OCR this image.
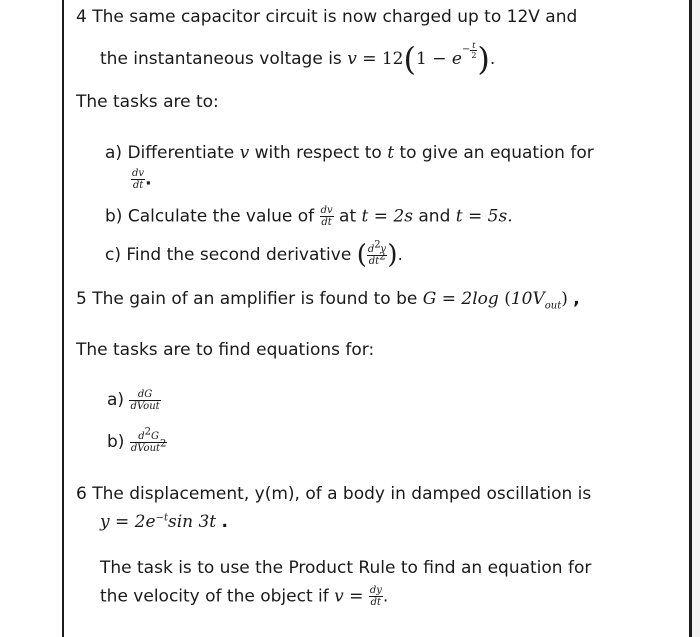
4 The same capacitor circuit is now charged up to 12V and
the instantaneous voltage is $v = 12(1 - e- \frac{t}{2}$ ).
The tasks are to:
a) Differentiate v with respect to t to give an equation for
$\frac{dv}{dt}$ .
b) Calculate the value of $\frac{dv}{dt}$ at t = 2s and t = 5s.
c) Find the second derivative ( $\frac{d^2v}{dt^2}$ ).
5 The gain of an amplifier is found to be G = 2log $(10V_{out})$ ,
The tasks are to find equations for:
$a) \frac{dG}{\text{dVout}}$
$b) \frac{d^2G}{dVout^2}$
6 The displacement, y(m), of a body in damped oscillation is
$y = 2e^{-t}\sin$ 3t .
The task is to use the Product Rule to find an equation for
the velocity of the object if $v = \frac{dy}{dt}$ .
